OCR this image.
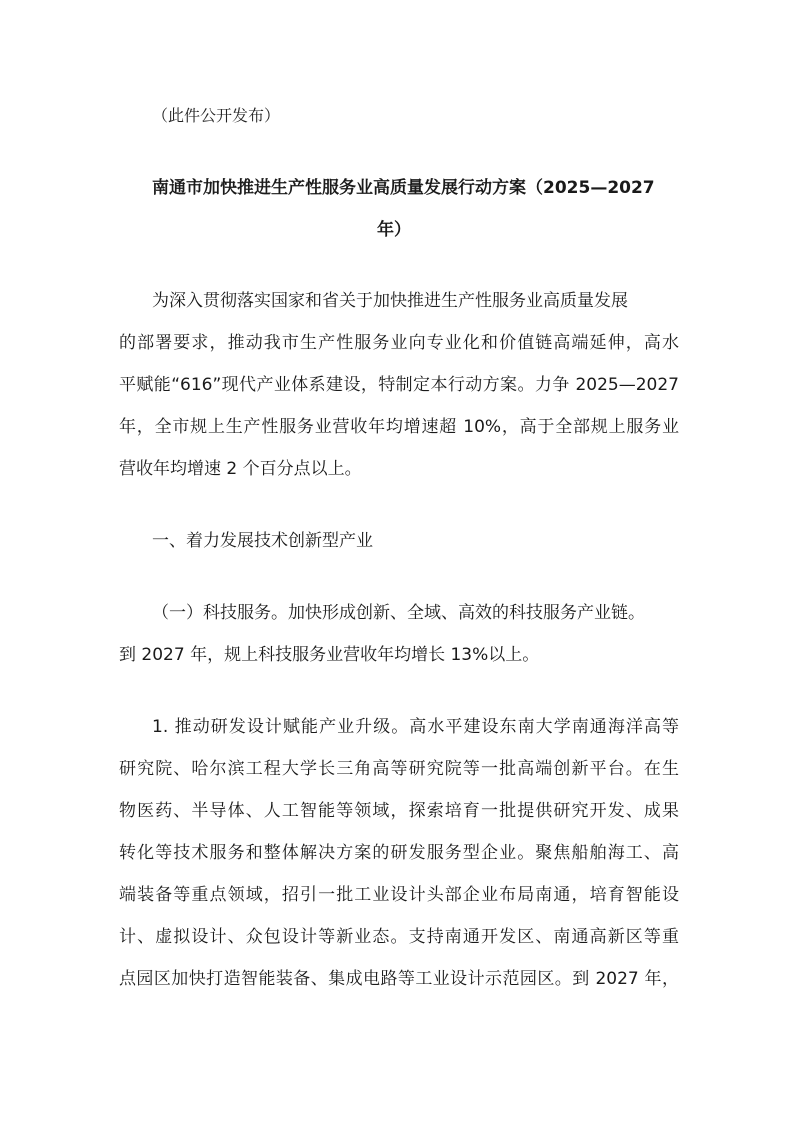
（此件公开发布）
南通市加快推进生产性服务业高质量发展行动方案（2025—2027
年）
为深入贯彻落实国家和省关于加快推进生产性服务业高质量发展
的部署要求，推动我市生产性服务业向专业化和价值链高端延伸，高水
平赋能“616”现代产业体系建设，特制定本行动方案。力争 2025—2027
年，全市规上生产性服务业营收年均增速超 10%，高于全部规上服务业
营收年均增速 2 个百分点以上。
一、着力发展技术创新型产业
（一）科技服务。加快形成创新、全域、高效的科技服务产业链。
到 2027 年，规上科技服务业营收年均增长 13%以上。
1. 推动研发设计赋能产业升级。高水平建设东南大学南通海洋高等
研究院、哈尔滨工程大学长三角高等研究院等一批高端创新平台。在生
物医药、半导体、人工智能等领域，探索培育一批提供研究开发、成果
转化等技术服务和整体解决方案的研发服务型企业。聚焦船舶海工、高
端装备等重点领域，招引一批工业设计头部企业布局南通，培育智能设
计、虚拟设计、众包设计等新业态。支持南通开发区、南通高新区等重
点园区加快打造智能装备、集成电路等工业设计示范园区。到 2027 年，
